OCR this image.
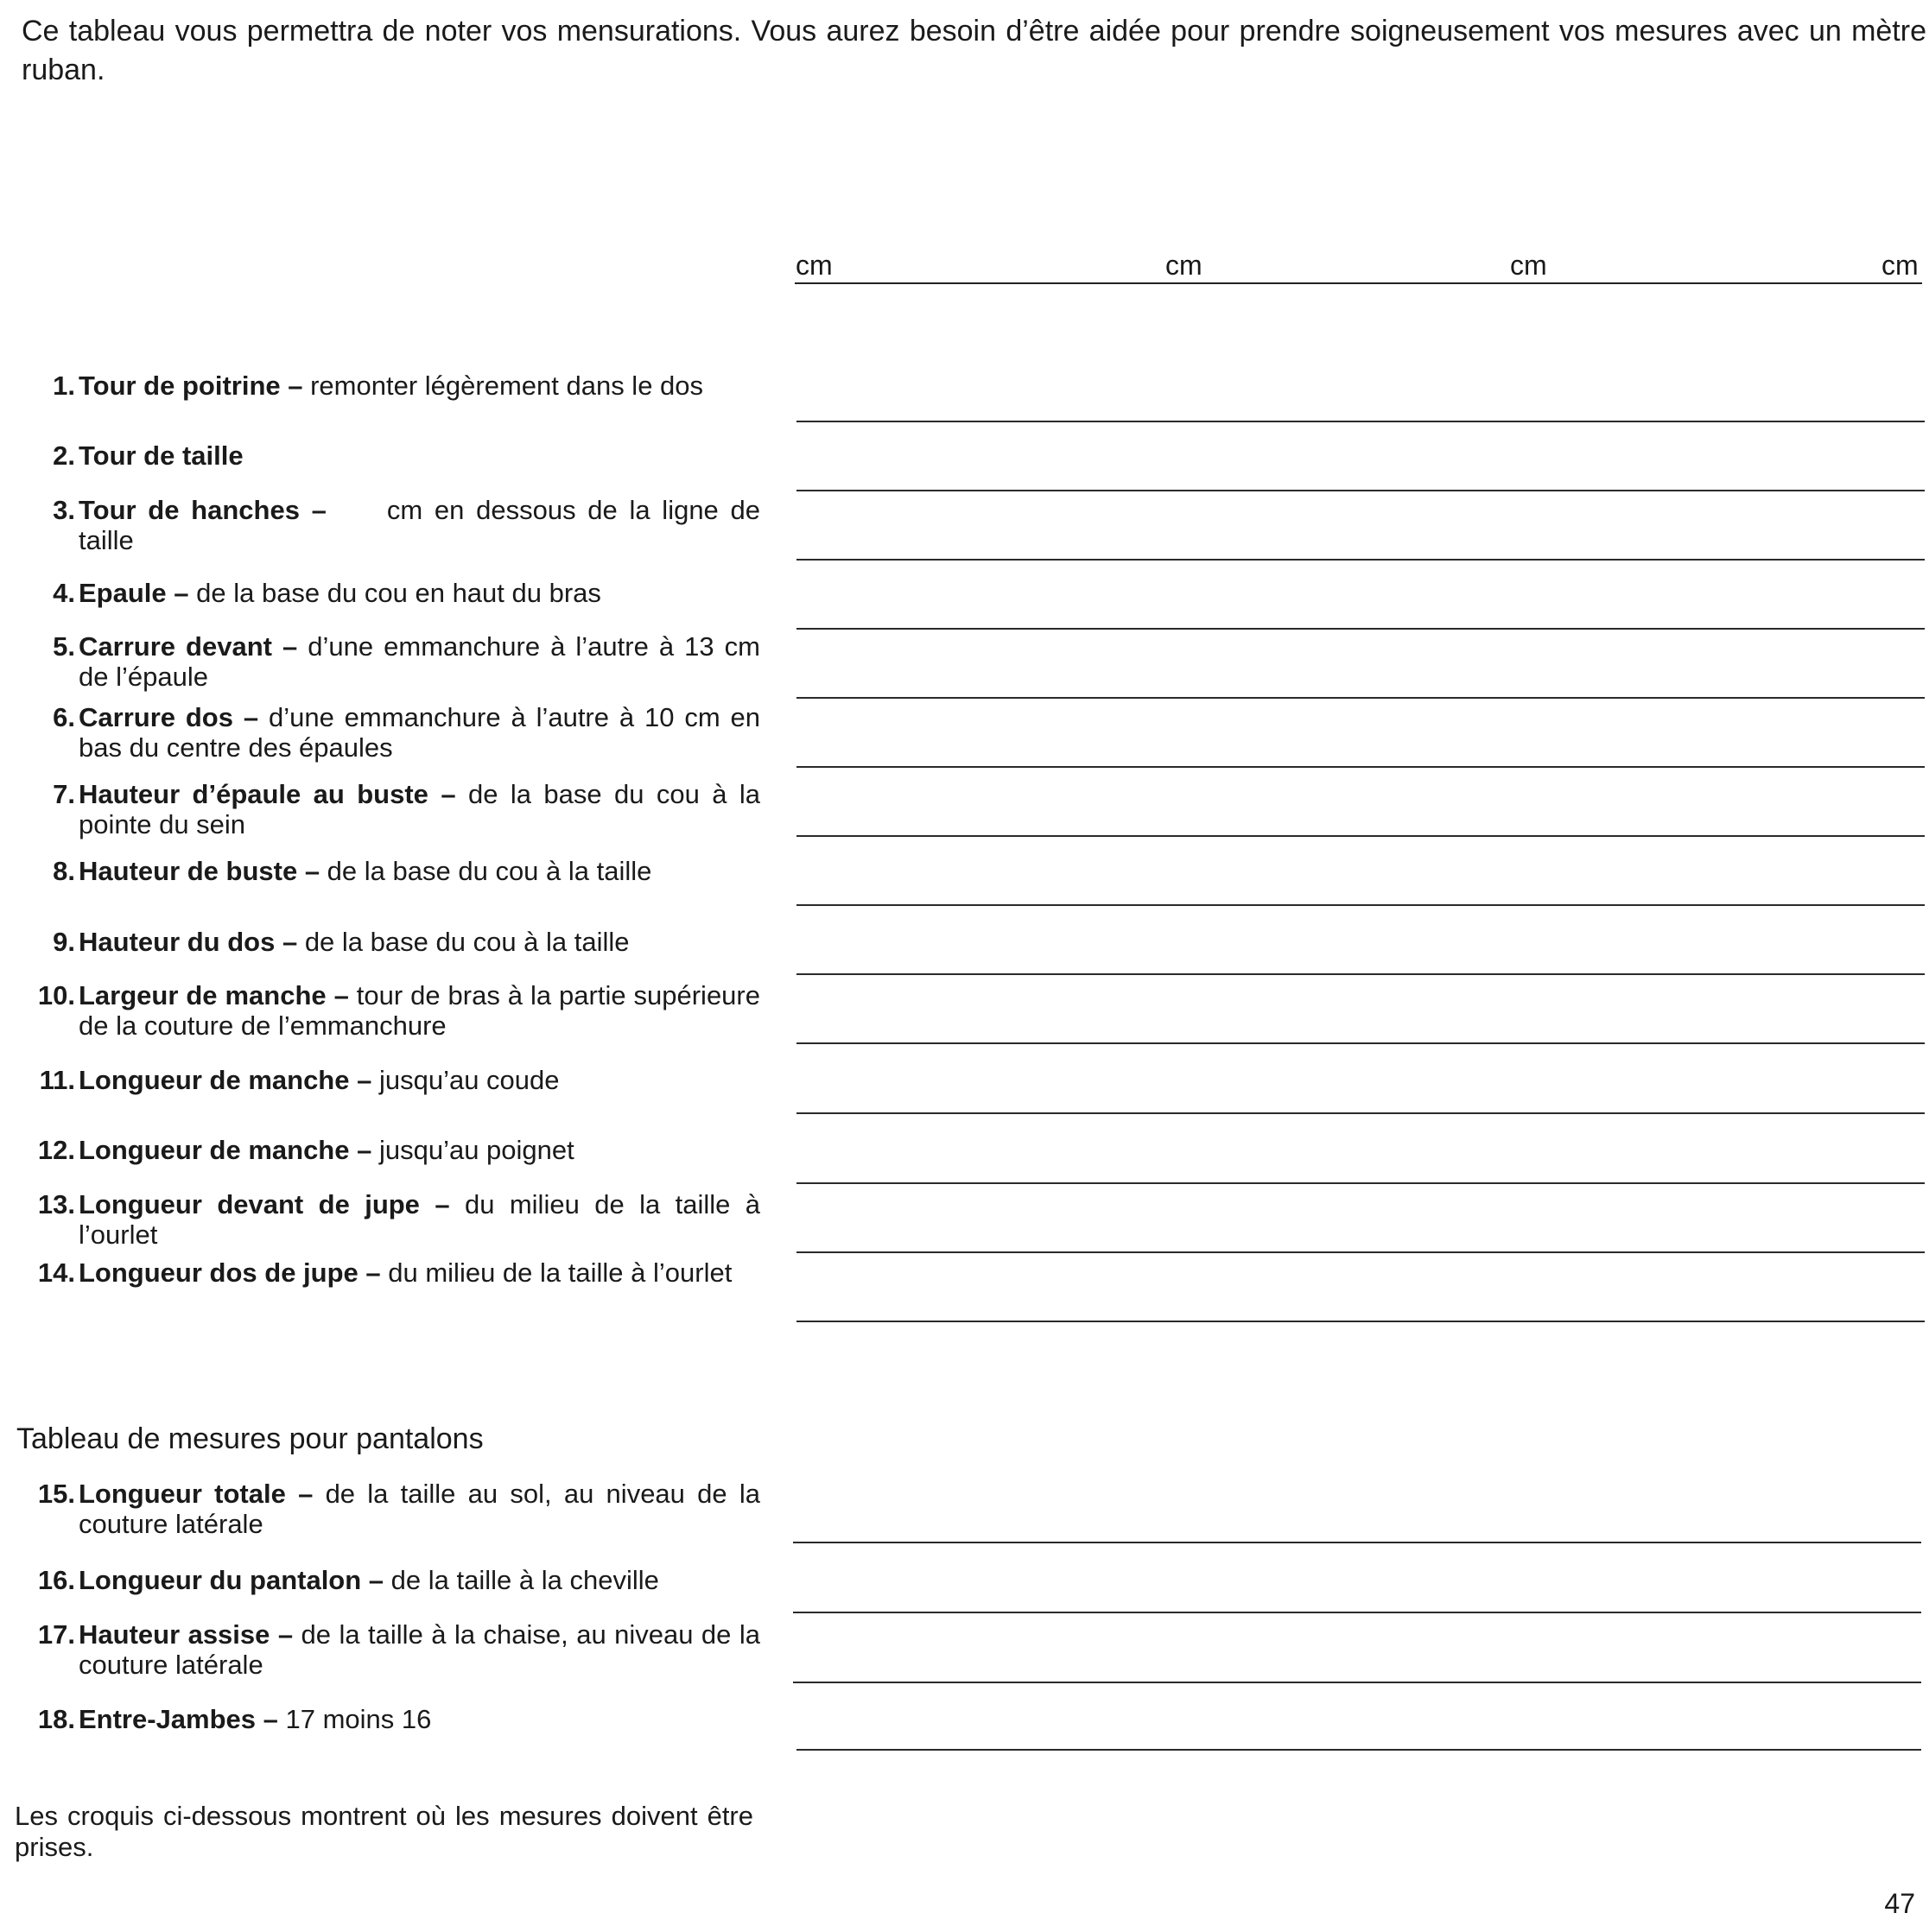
Ce tableau vous permettra de noter vos mensurations. Vous aurez besoin d’être aidée pour prendre soigneusement vos mesures avec un mètre ruban.

cm	cm	cm	cm
1. Tour de poitrine – remonter légèrement dans le dos
2. Tour de taille
3. Tour de hanches – cm en dessous de la ligne de taille
4. Epaule – de la base du cou en haut du bras
5. Carrure devant – d’une emmanchure à l’autre à 13 cm de l’épaule
6. Carrure dos – d’une emmanchure à l’autre à 10 cm en bas du centre des épaules
7. Hauteur d’épaule au buste – de la base du cou à la pointe du sein
8. Hauteur de buste – de la base du cou à la taille
9. Hauteur du dos – de la base du cou à la taille
10. Largeur de manche – tour de bras à la partie supérieure de la couture de l’emmanchure
11. Longueur de manche – jusqu’au coude
12. Longueur de manche – jusqu’au poignet
13. Longueur devant de jupe – du milieu de la taille à l’ourlet
14. Longueur dos de jupe – du milieu de la taille à l’ourlet
Tableau de mesures pour pantalons
15. Longueur totale – de la taille au sol, au niveau de la couture latérale
16. Longueur du pantalon – de la taille à la cheville
17. Hauteur assise – de la taille à la chaise, au niveau de la couture latérale
18. Entre-Jambes – 17 moins 16
Les croquis ci-dessous montrent où les mesures doivent être prises.
47
